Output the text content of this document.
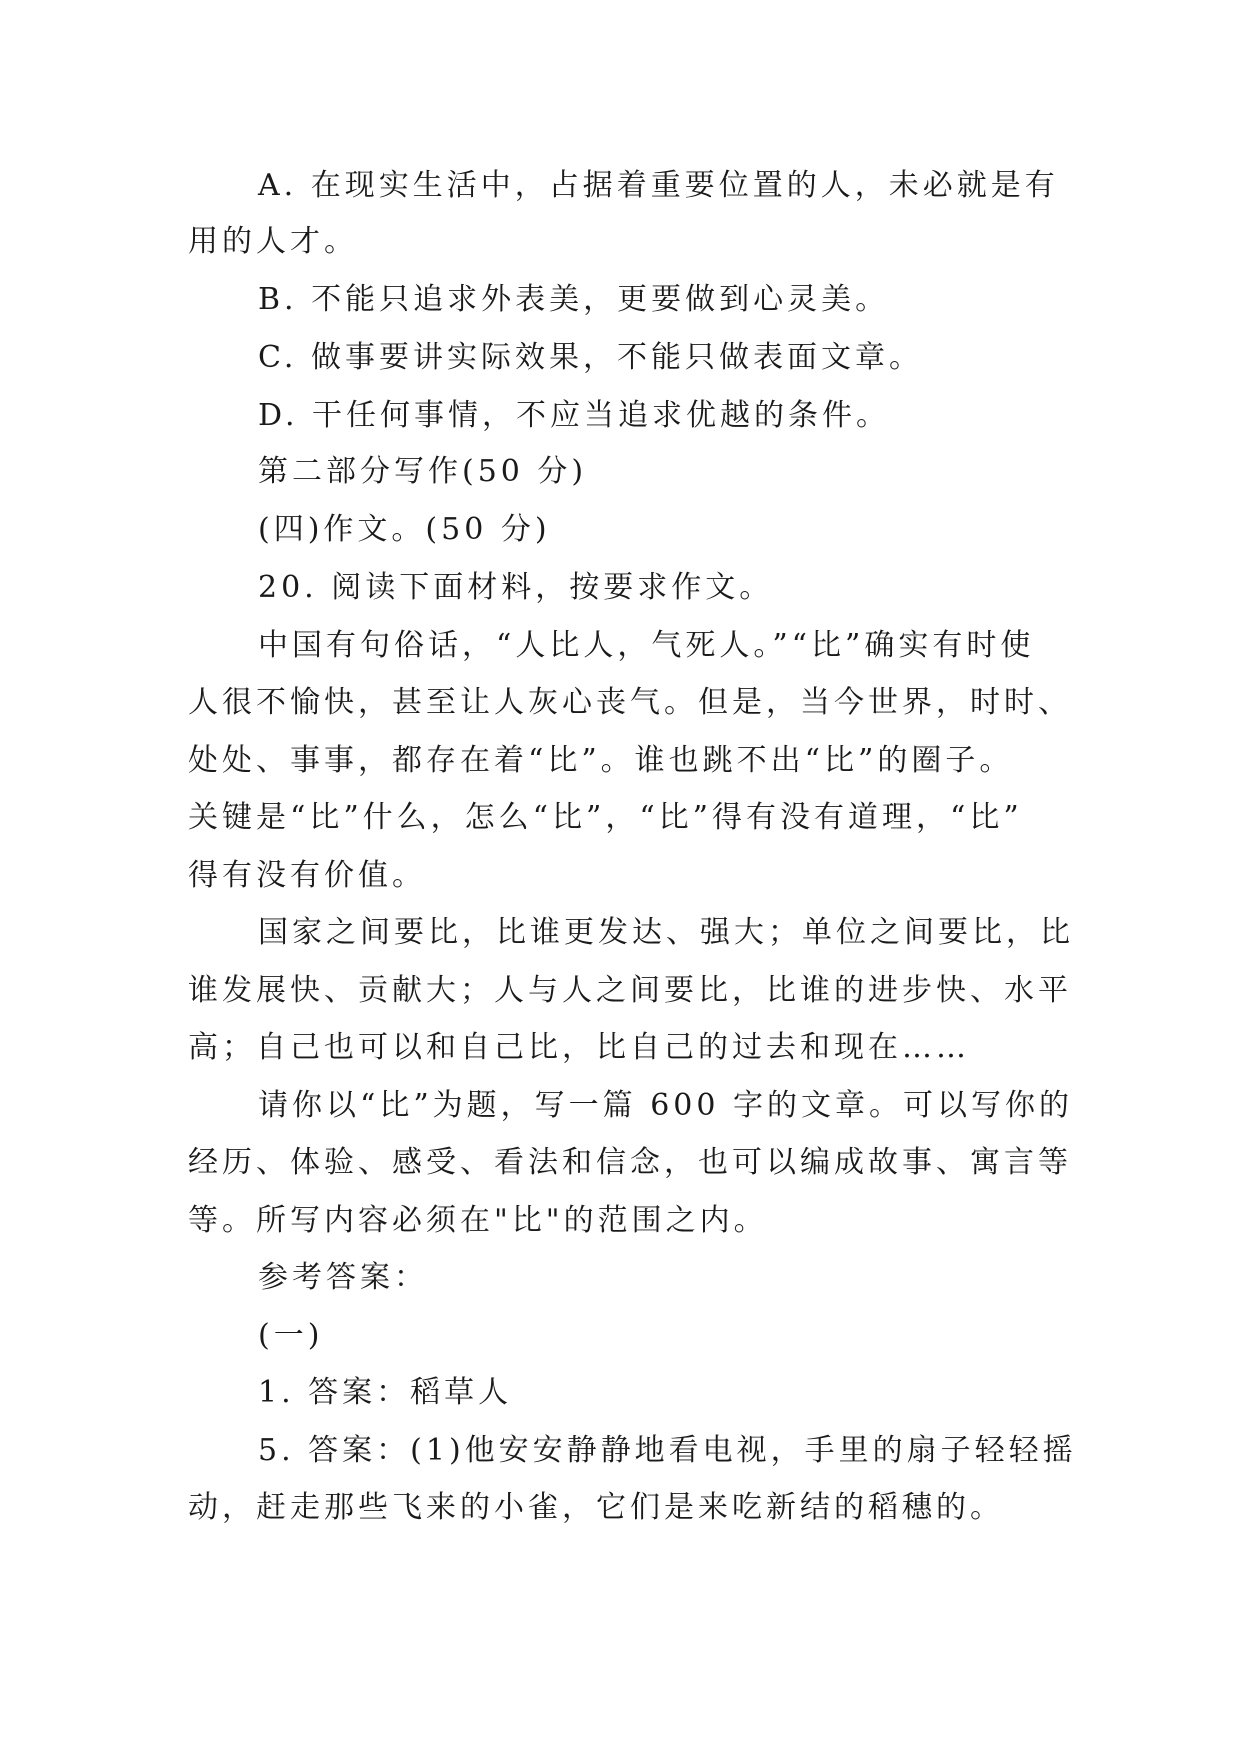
A. 在现实生活中，占据着重要位置的人，未必就是有
用的人才。
B. 不能只追求外表美，更要做到心灵美。
C. 做事要讲实际效果，不能只做表面文章。
D. 干任何事情，不应当追求优越的条件。
第二部分写作(50 分)
(四)作文。(50 分)
20. 阅读下面材料，按要求作文。
中国有句俗话，“人比人，气死人。”“比”确实有时使
人很不愉快，甚至让人灰心丧气。但是，当今世界，时时、
处处、事事，都存在着“比”。谁也跳不出“比”的圈子。
关键是“比”什么，怎么“比”，“比”得有没有道理，“比”
得有没有价值。
国家之间要比，比谁更发达、强大；单位之间要比，比
谁发展快、贡献大；人与人之间要比，比谁的进步快、水平
高；自己也可以和自己比，比自己的过去和现在……
请你以“比”为题，写一篇 600 字的文章。可以写你的
经历、体验、感受、看法和信念，也可以编成故事、寓言等
等。所写内容必须在"比"的范围之内。
参考答案：
(一)
1. 答案：稻草人
5. 答案：(1)他安安静静地看电视，手里的扇子轻轻摇
动，赶走那些飞来的小雀，它们是来吃新结的稻穗的。
